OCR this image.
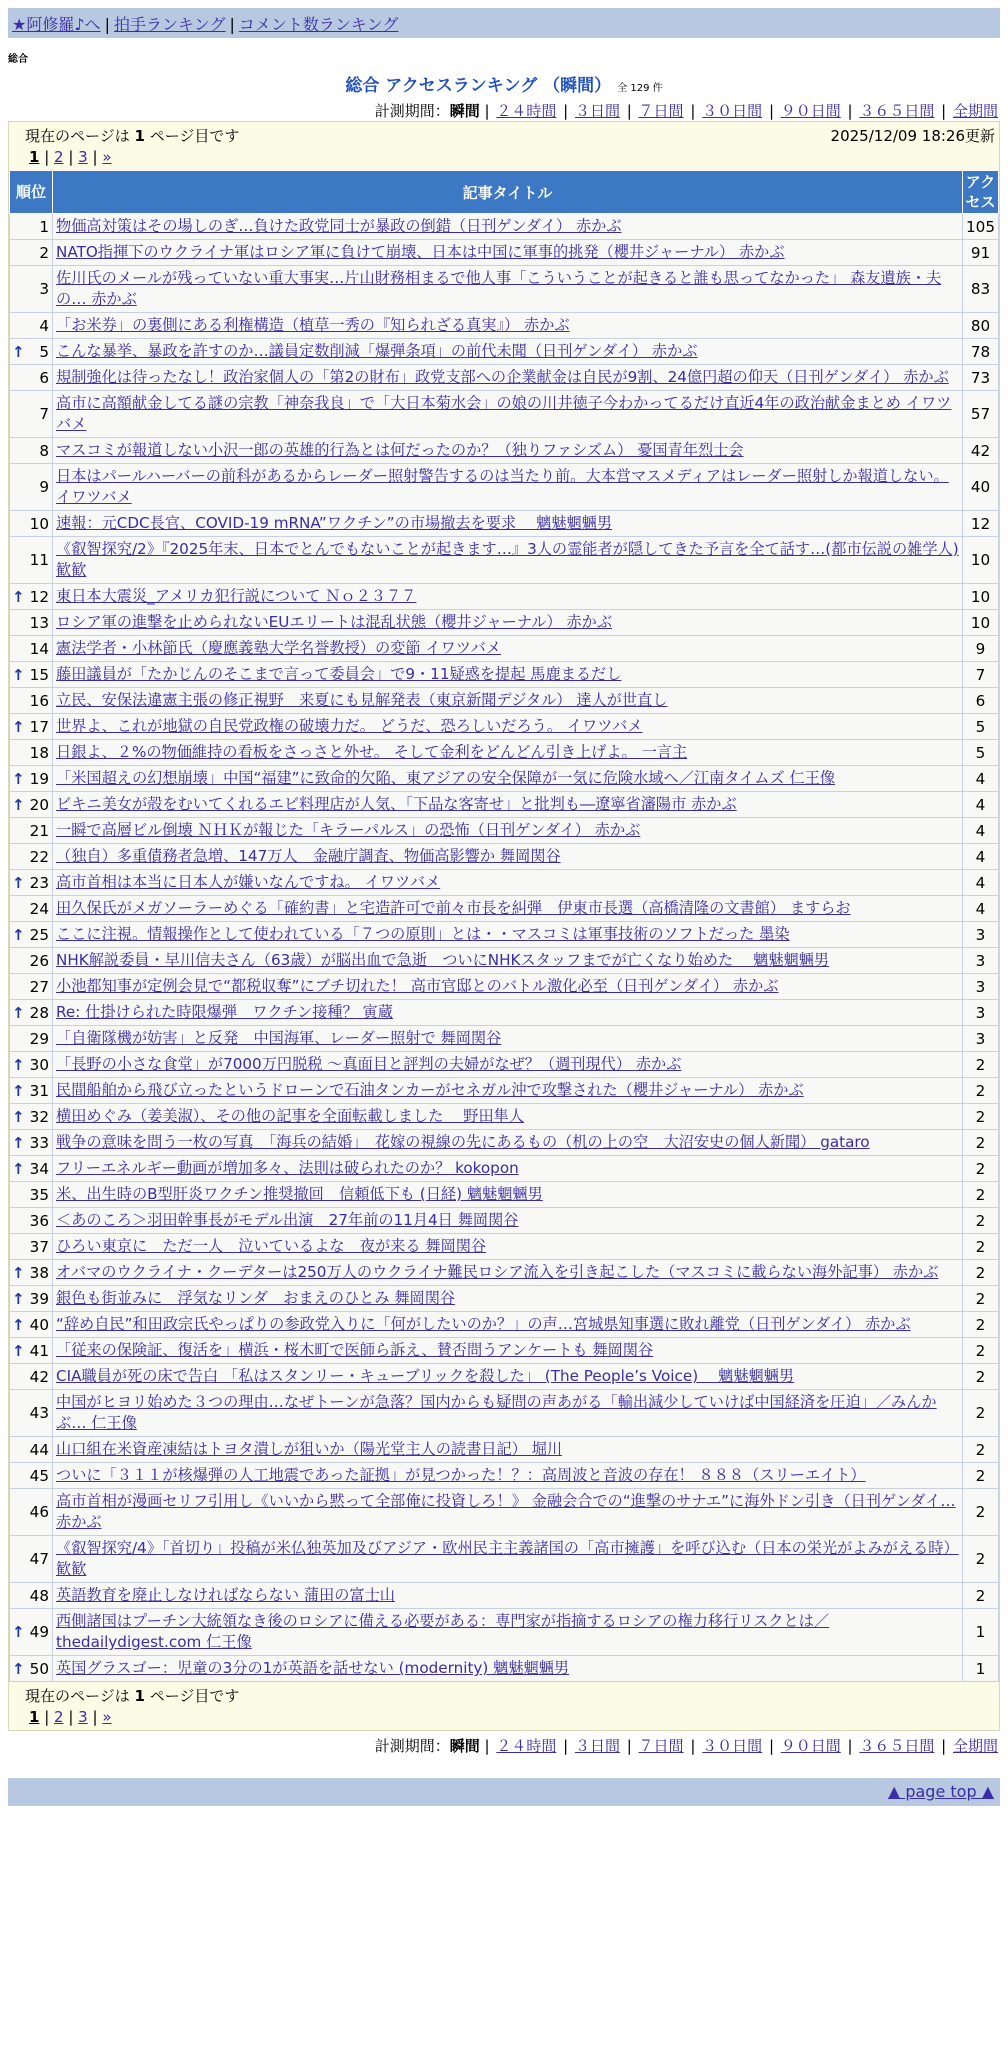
★阿修羅♪へ | 拍手ランキング | コメント数ランキング
総合
総合 アクセスランキング （瞬間） 全 129 件
計測期間：瞬間 | ２４時間 | ３日間 | ７日間 | ３０日間 | ９０日間 | ３６５日間 | 全期間
現在のページは 1 ページ目です	2025/12/09 18:26更新
1 | 2 | 3 | »
順位	記事タイトル	アクセス
1	物価高対策はその場しのぎ…負けた政党同士が暴政の倒錯（日刊ゲンダイ） 赤かぶ	105
2	NATO指揮下のウクライナ軍はロシア軍に負けて崩壊、日本は中国に軍事的挑発（櫻井ジャーナル） 赤かぶ	91
3	佐川氏のメールが残っていない重大事実…片山財務相まるで他人事「こういうことが起きると誰も思ってなかった」 森友遺族・夫の… 赤かぶ	83
4	「お米券」の裏側にある利権構造（植草一秀の『知られざる真実』） 赤かぶ	80

↑ 5	こんな暴挙、暴政を許すのか…議員定数削減「爆弾条項」の前代未聞（日刊ゲンダイ） 赤かぶ	78
6	規制強化は待ったなし！政治家個人の「第2の財布」政党支部への企業献金は自民が9割、24億円超の仰天（日刊ゲンダイ） 赤かぶ	73
7	高市に高額献金してる謎の宗教「神奈我良」で「大日本菊水会」の娘の川井徳子今わかってるだけ直近4年の政治献金まとめ イワツバメ	57
8	マスコミが報道しない小沢一郎の英雄的行為とは何だったのか？（独りファシズム） 憂国青年烈士会	42
9	日本はパールハーバーの前科があるからレーダー照射警告するのは当たり前。大本営マスメディアはレーダー照射しか報道しない。 イワツバメ	40
10	速報：元CDC長官、COVID-19 mRNA”ワクチン”の市場撤去を要求　 魑魅魍魎男	12
11	《叡智探究/2》『2025年末、日本でとんでもないことが起きます…』3人の霊能者が隠してきた予言を全て話す…(都市伝説の雑学人) 歓歓	10

↑ 12	東日本大震災_アメリカ犯行説について Ｎｏ２３７７	10
13	ロシア軍の進撃を止められないEUエリートは混乱状態（櫻井ジャーナル） 赤かぶ	10
14	憲法学者・小林節氏（慶應義塾大学名誉教授）の変節 イワツバメ	9

↑ 15	藤田議員が「たかじんのそこまで言って委員会」で9・11疑惑を提起 馬鹿まるだし	7
16	立民、安保法違憲主張の修正視野　来夏にも見解発表（東京新聞デジタル） 達人が世直し	6

↑ 17	世界よ、これが地獄の自民党政権の破壊力だ。 どうだ、恐ろしいだろう。 イワツバメ	5
18	日銀よ、２%の物価維持の看板をさっさと外せ。 そして金利をどんどん引き上げよ。 一言主	5

↑ 19	「米国超えの幻想崩壊」中国“福建”に致命的欠陥、東アジアの安全保障が一気に危険水域へ／江南タイムズ 仁王像	4

↑ 20	ビキニ美女が殻をむいてくれるエビ料理店が人気、「下品な客寄せ」と批判も―遼寧省瀋陽市 赤かぶ	4
21	一瞬で高層ビル倒壊 ＮＨＫが報じた「キラーパルス」の恐怖（日刊ゲンダイ） 赤かぶ	4
22	（独自）多重債務者急増、147万人　金融庁調査、物価高影響か 舞岡関谷	4

↑ 23	高市首相は本当に日本人が嫌いなんですね。 イワツバメ	4
24	田久保氏がメガソーラーめぐる「確約書」と宅造許可で前々市長を糾弾　伊東市長選（高橋清隆の文書館） ますらお	4

↑ 25	ここに注視。情報操作として使われている「７つの原則」とは・・マスコミは軍事技術のソフトだった 墨染	3
26	NHK解説委員・早川信夫さん（63歳）が脳出血で急逝　ついにNHKスタッフまでが亡くなり始めた　 魑魅魍魎男	3
27	小池都知事が定例会見で“都税収奪”にブチ切れた！ 高市官邸とのバトル激化必至（日刊ゲンダイ） 赤かぶ	3

↑ 28	Re: 仕掛けられた時限爆弾　ワクチン接種？ 寅蔵	3
29	「自衛隊機が妨害」と反発　中国海軍、レーダー照射で 舞岡関谷	3

↑ 30	「長野の小さな食堂」が7000万円脱税 〜真面目と評判の夫婦がなぜ？（週刊現代） 赤かぶ	2

↑ 31	民間船舶から飛び立ったというドローンで石油タンカーがセネガル沖で攻撃された（櫻井ジャーナル） 赤かぶ	2

↑ 32	横田めぐみ（姜美淑）、その他の記事を全面転載しました　 野田隼人	2

↑ 33	戦争の意味を問う一枚の写真　「海兵の結婚」　花嫁の視線の先にあるもの（机の上の空　大沼安史の個人新聞） gataro	2

↑ 34	フリーエネルギー動画が増加多々、法則は破られたのか？ kokopon	2
35	米、出生時のB型肝炎ワクチン推奨撤回　信頼低下も (日経) 魑魅魍魎男	2
36	＜あのころ＞羽田幹事長がモデル出演　27年前の11月4日 舞岡関谷	2
37	ひろい東京に　ただ一人　泣いているよな　夜が来る 舞岡関谷	2

↑ 38	オバマのウクライナ・クーデターは250万人のウクライナ難民ロシア流入を引き起こした（マスコミに載らない海外記事） 赤かぶ	2

↑ 39	銀色も街並みに　浮気なリンダ　おまえのひとみ 舞岡関谷	2

↑ 40	“辞め自民”和田政宗氏やっぱりの参政党入りに「何がしたいのか？」の声…宮城県知事選に敗れ離党（日刊ゲンダイ） 赤かぶ	2

↑ 41	「従来の保険証、復活を」横浜・桜木町で医師ら訴え、賛否問うアンケートも 舞岡関谷	2
42	CIA職員が死の床で告白 「私はスタンリー・キューブリックを殺した」 (The People’s Voice)　 魑魅魍魎男	2
43	中国がヒヨリ始めた３つの理由…なぜトーンが急落？国内からも疑問の声あがる「輸出減少していけば中国経済を圧迫」／みんかぶ… 仁王像	2
44	山口組在米資産凍結はトヨタ潰しが狙いか（陽光堂主人の読書日記） 堀川	2
45	ついに「３１１が核爆弾の人工地震であった証拠」が見つかった！？：高周波と音波の存在！ ８８８（スリーエイト）	2
46	高市首相が漫画セリフ引用し《いいから黙って全部俺に投資しろ！》 金融会合での“進撃のサナエ”に海外ドン引き（日刊ゲンダイ… 赤かぶ	2
47	《叡智探究/4》「首切り」投稿が米仏独英加及びアジア・欧州民主主義諸国の「高市擁護」を呼び込む（日本の栄光がよみがえる時） 歓歓	2
48	英語教育を廃止しなければならない 蒲田の富士山	2

↑ 49	西側諸国はプーチン大統領なき後のロシアに備える必要がある：専門家が指摘するロシアの権力移行リスクとは／thedailydigest.com 仁王像	1

↑ 50	英国グラスゴー：児童の3分の1が英語を話せない (modernity) 魑魅魍魎男	1
現在のページは 1 ページ目です
1 | 2 | 3 | »
計測期間：瞬間 | ２４時間 | ３日間 | ７日間 | ３０日間 | ９０日間 | ３６５日間 | 全期間
▲ page top ▲
